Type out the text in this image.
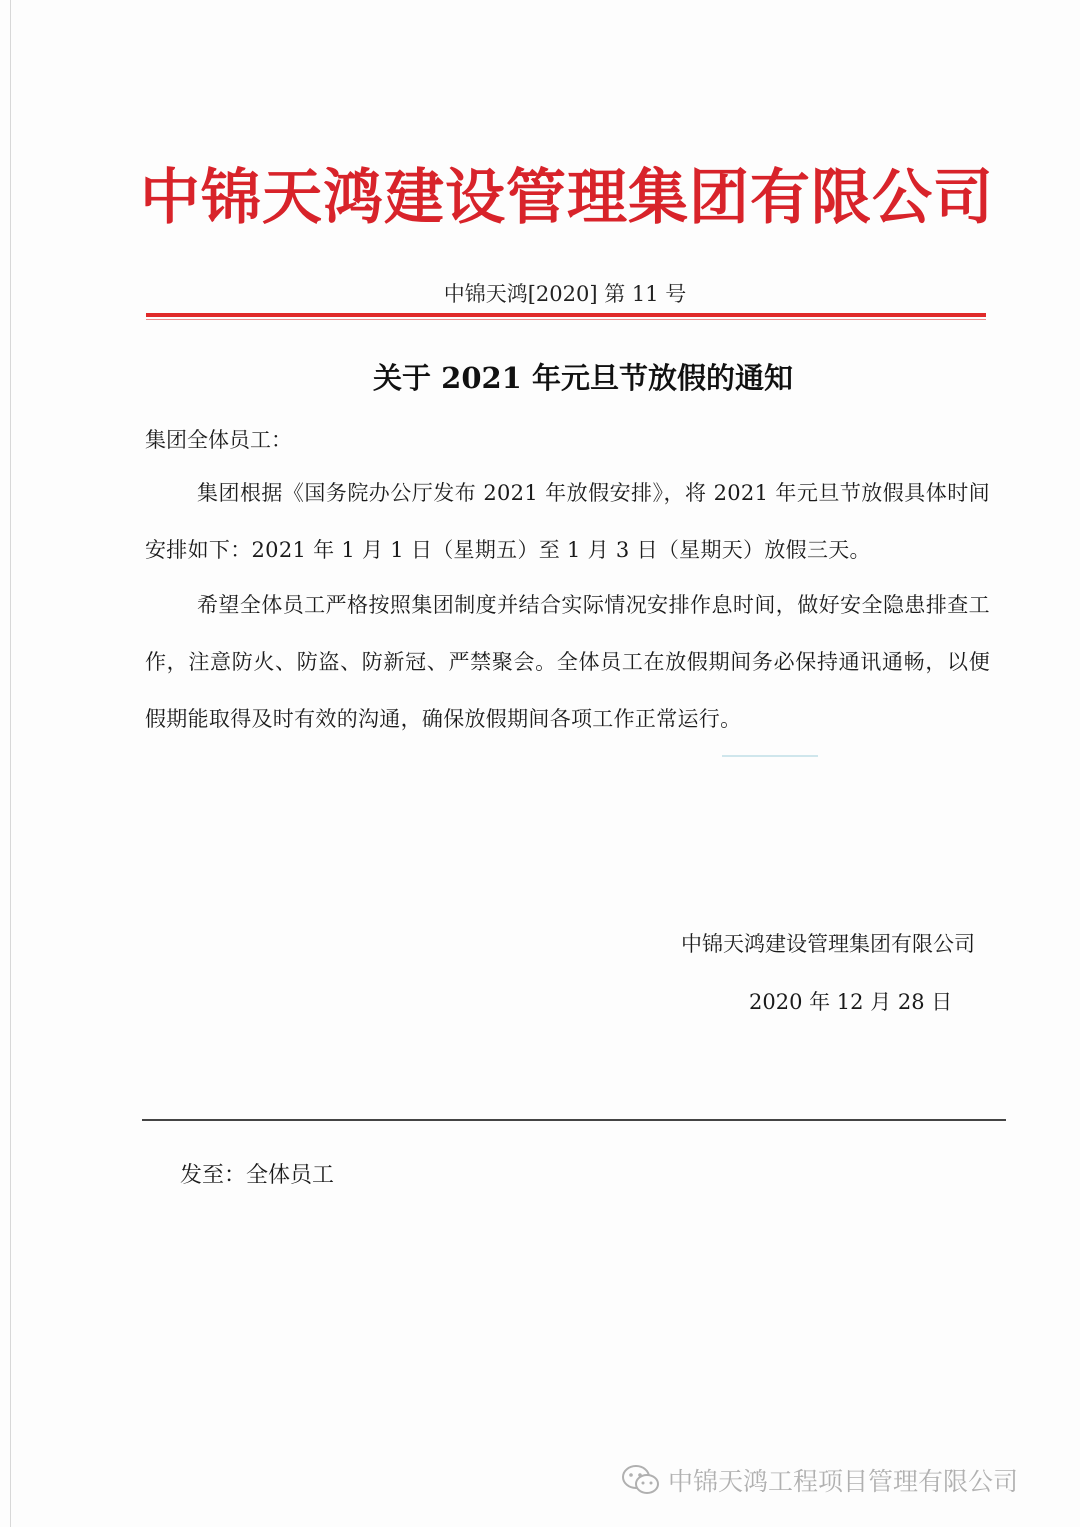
中锦天鸿建设管理集团有限公司
中锦天鸿[2020] 第 11 号
关于 2021 年元旦节放假的通知
集团全体员工：
集团根据《国务院办公厅发布 2021 年放假安排》，将 2021 年元旦节放假具体时间安排如下：2021 年 1 月 1 日（星期五）至 1 月 3 日（星期天）放假三天。
希望全体员工严格按照集团制度并结合实际情况安排作息时间，做好安全隐患排查工作，注意防火、防盗、防新冠、严禁聚会。全体员工在放假期间务必保持通讯通畅，以便假期能取得及时有效的沟通，确保放假期间各项工作正常运行。
中锦天鸿建设管理集团有限公司
2020 年 12 月 28 日
发至：全体员工
中锦天鸿工程项目管理有限公司
